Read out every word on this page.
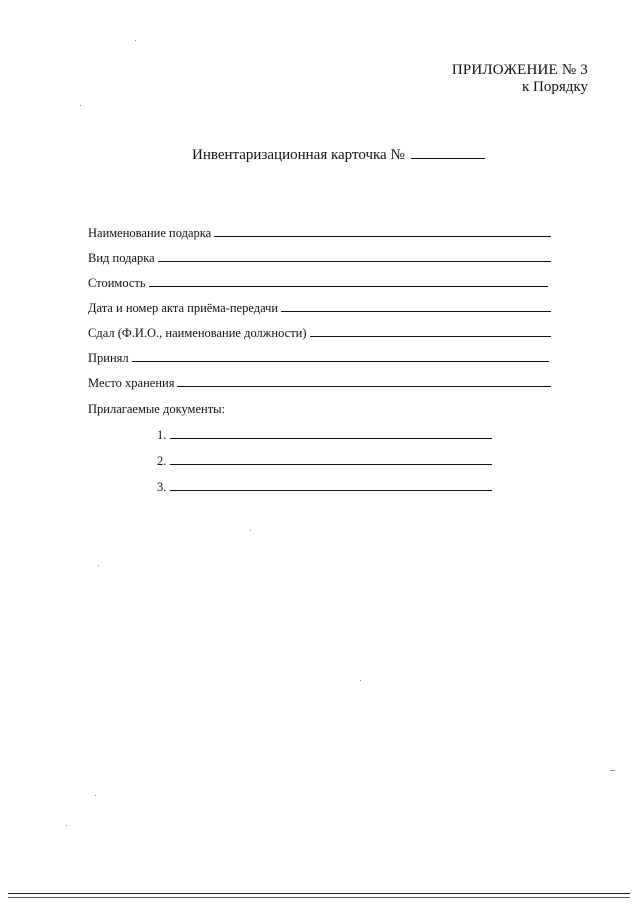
ПРИЛОЖЕНИЕ № 3
к Порядку
Инвентаризационная карточка №
Наименование подарка
Вид подарка
Стоимость
Дата и номер акта приёма-передачи
Сдал (Ф.И.О., наименование должности)
Принял
Место хранения
Прилагаемые документы:
1.
2.
3.
